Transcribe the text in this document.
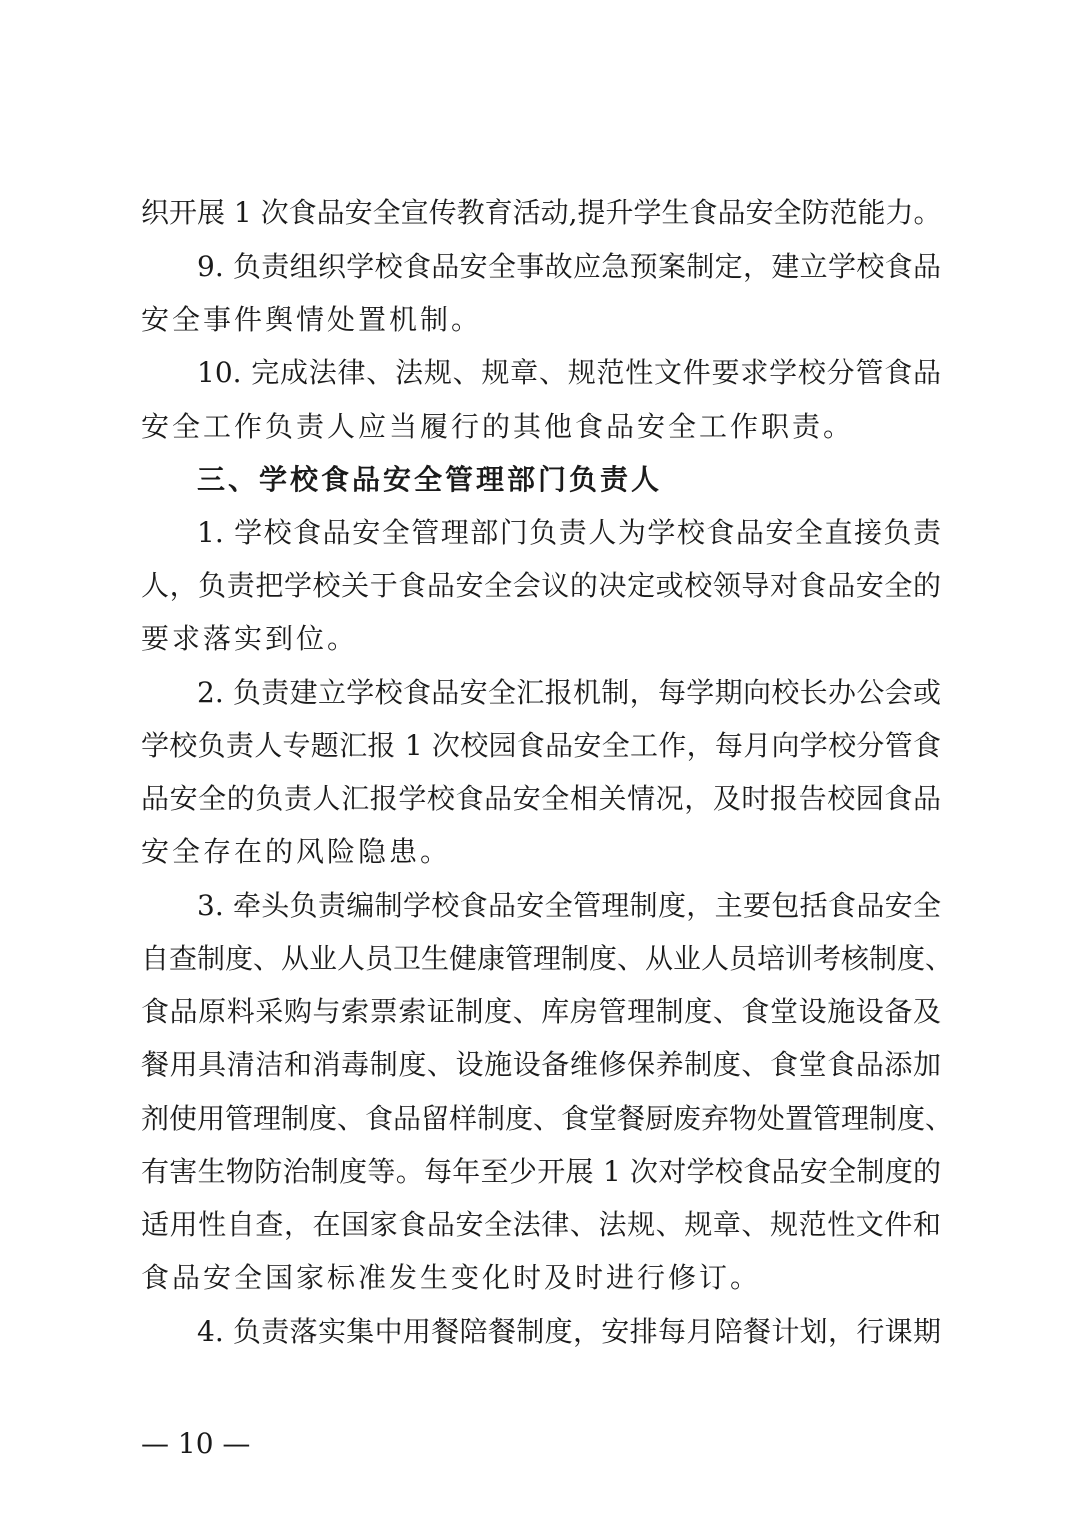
织开展 1 次食品安全宣传教育活动,提升学生食品安全防范能力。
9. 负责组织学校食品安全事故应急预案制定，建立学校食品
安全事件舆情处置机制。
10. 完成法律、法规、规章、规范性文件要求学校分管食品
安全工作负责人应当履行的其他食品安全工作职责。
三、学校食品安全管理部门负责人
1. 学校食品安全管理部门负责人为学校食品安全直接负责
人，负责把学校关于食品安全会议的决定或校领导对食品安全的
要求落实到位。
2. 负责建立学校食品安全汇报机制，每学期向校长办公会或
学校负责人专题汇报 1 次校园食品安全工作，每月向学校分管食
品安全的负责人汇报学校食品安全相关情况，及时报告校园食品
安全存在的风险隐患。
3. 牵头负责编制学校食品安全管理制度，主要包括食品安全
自查制度、从业人员卫生健康管理制度、从业人员培训考核制度、
食品原料采购与索票索证制度、库房管理制度、食堂设施设备及
餐用具清洁和消毒制度、设施设备维修保养制度、食堂食品添加
剂使用管理制度、食品留样制度、食堂餐厨废弃物处置管理制度、
有害生物防治制度等。每年至少开展 1 次对学校食品安全制度的
适用性自查，在国家食品安全法律、法规、规章、规范性文件和
食品安全国家标准发生变化时及时进行修订。
4. 负责落实集中用餐陪餐制度，安排每月陪餐计划，行课期
— 10 —
